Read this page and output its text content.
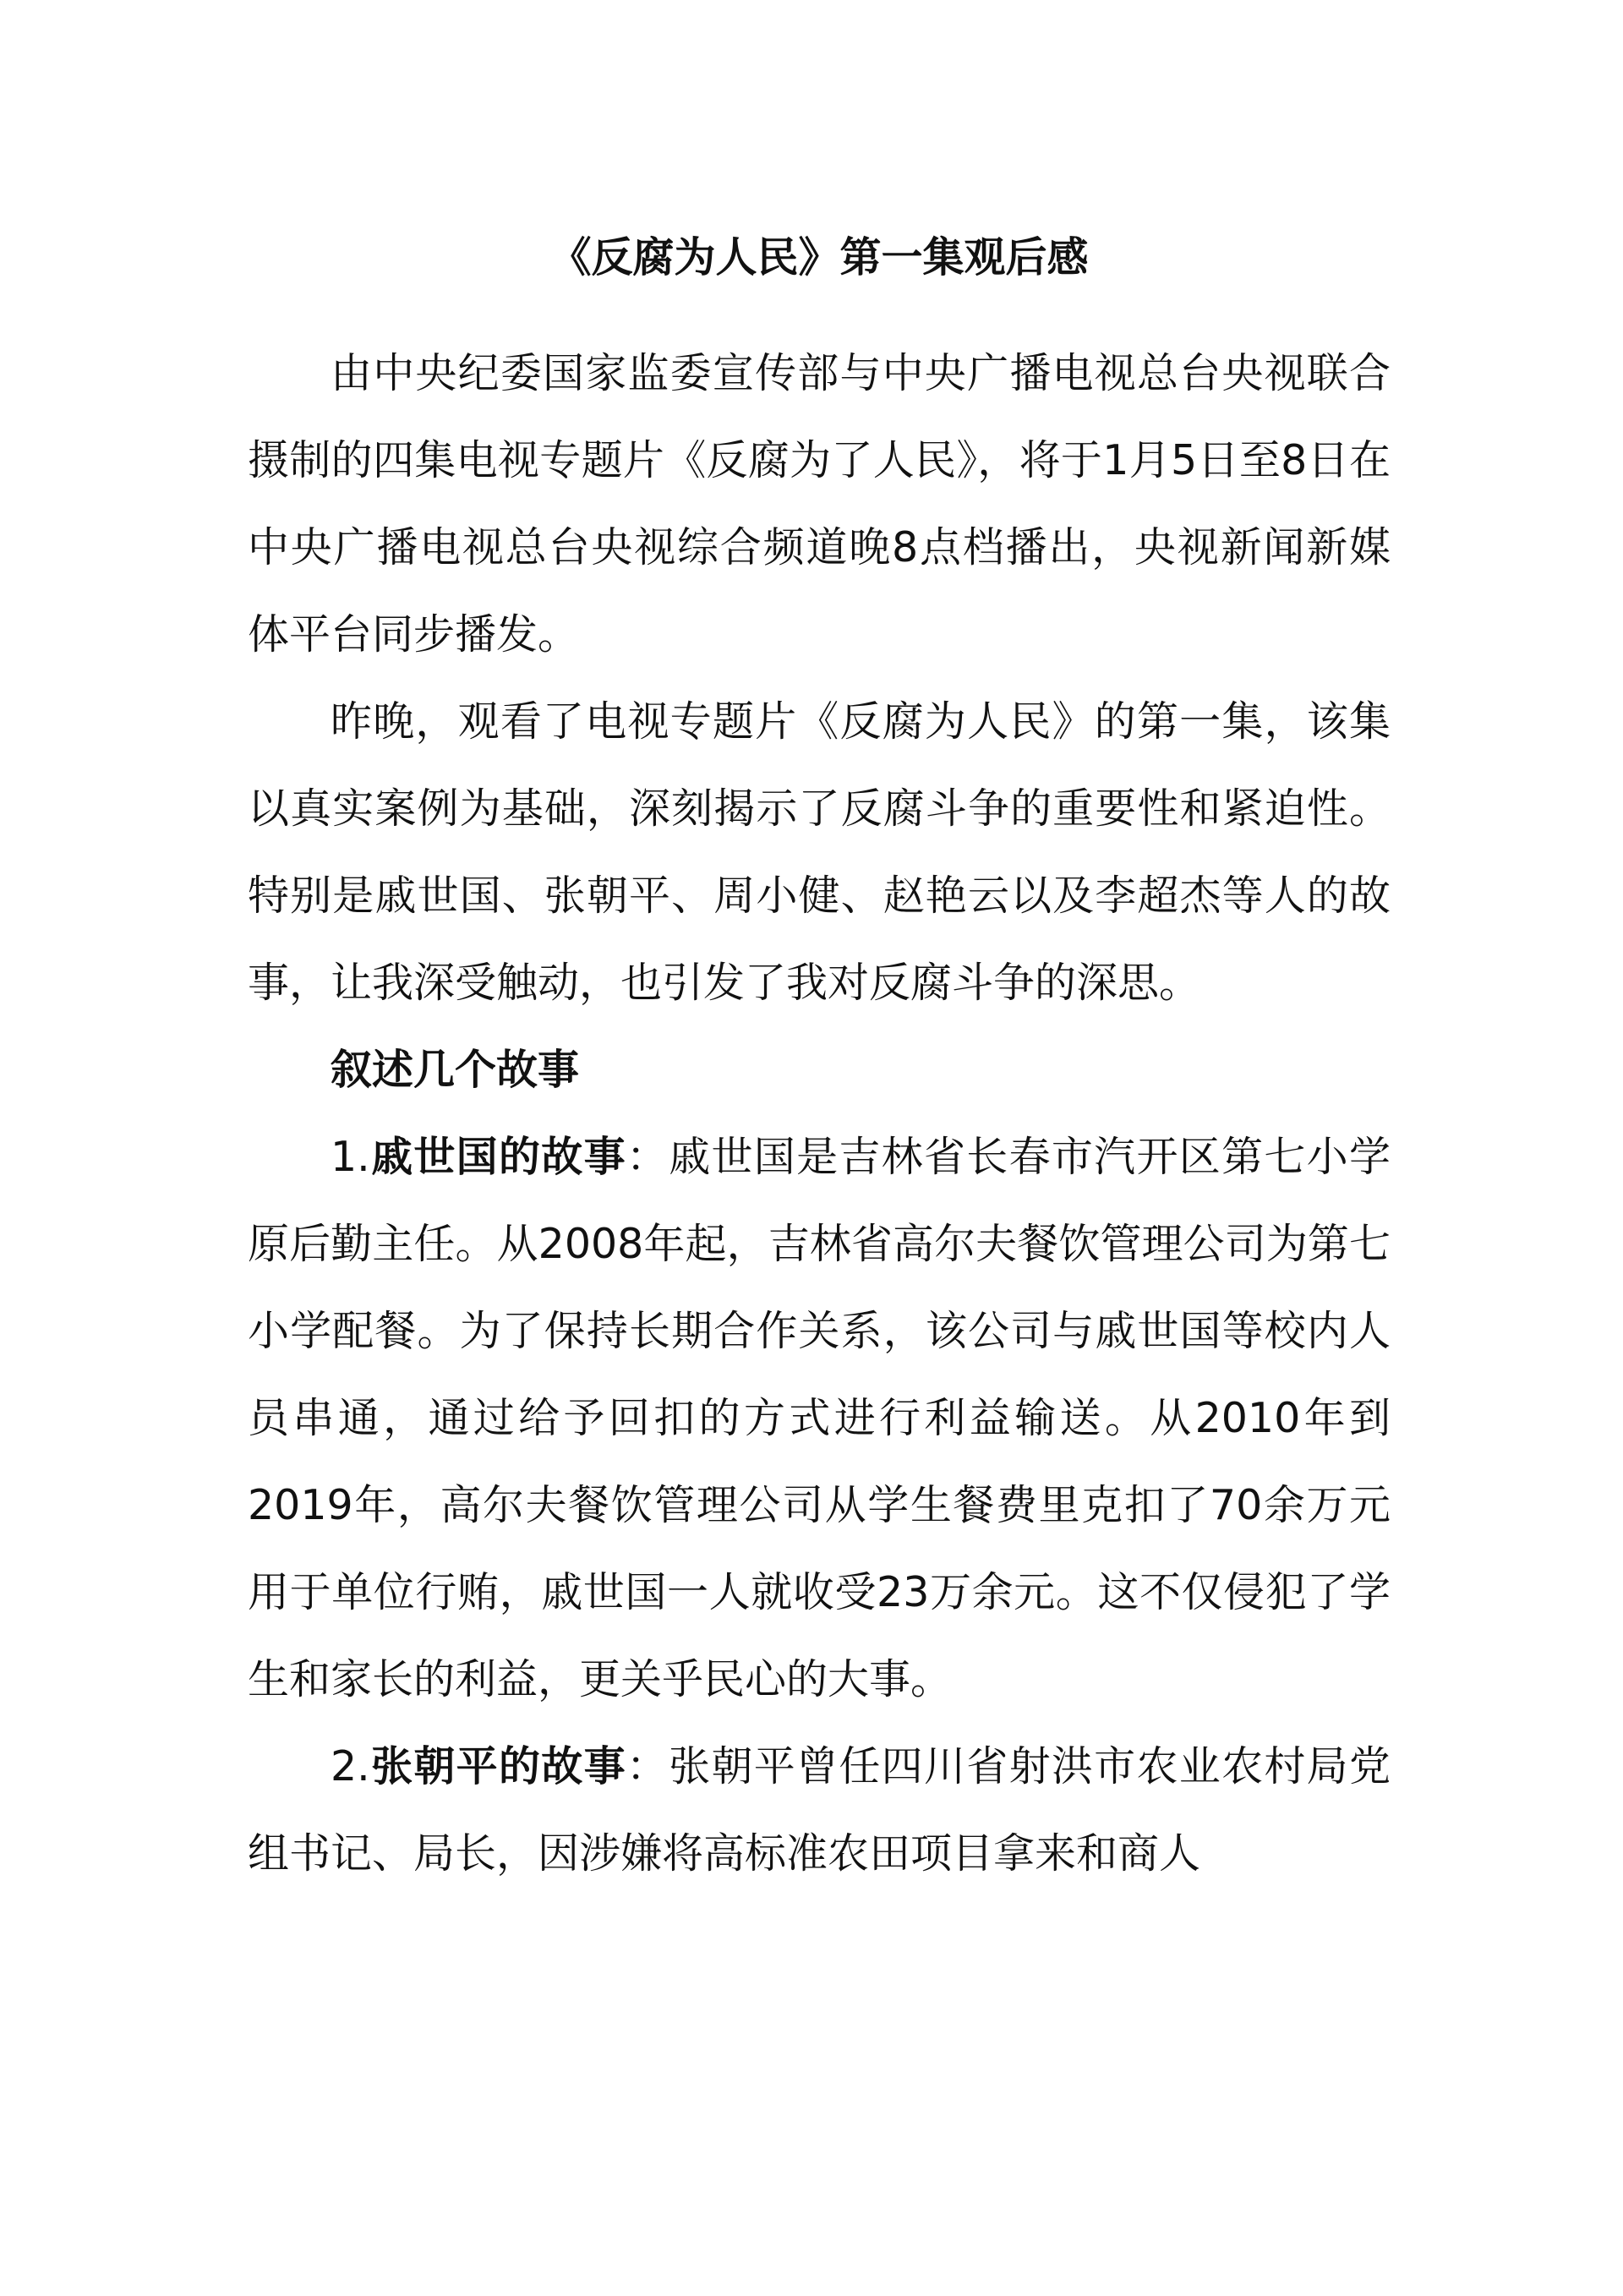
《反腐为人民》第一集观后感

由中央纪委国家监委宣传部与中央广播电视总台央视联合摄制的四集电视专题片《反腐为了人民》，将于1月5日至8日在中央广播电视总台央视综合频道晚8点档播出，央视新闻新媒体平台同步播发。

昨晚，观看了电视专题片《反腐为人民》的第一集，该集以真实案例为基础，深刻揭示了反腐斗争的重要性和紧迫性。特别是戚世国、张朝平、周小健、赵艳云以及李超杰等人的故事，让我深受触动，也引发了我对反腐斗争的深思。

叙述几个故事

1.戚世国的故事：戚世国是吉林省长春市汽开区第七小学原后勤主任。从2008年起，吉林省高尔夫餐饮管理公司为第七小学配餐。为了保持长期合作关系，该公司与戚世国等校内人员串通，通过给予回扣的方式进行利益输送。从2010年到2019年，高尔夫餐饮管理公司从学生餐费里克扣了70余万元用于单位行贿，戚世国一人就收受23万余元。这不仅侵犯了学生和家长的利益，更关乎民心的大事。

2.张朝平的故事：张朝平曾任四川省射洪市农业农村局党组书记、局长，因涉嫌将高标准农田项目拿来和商人
